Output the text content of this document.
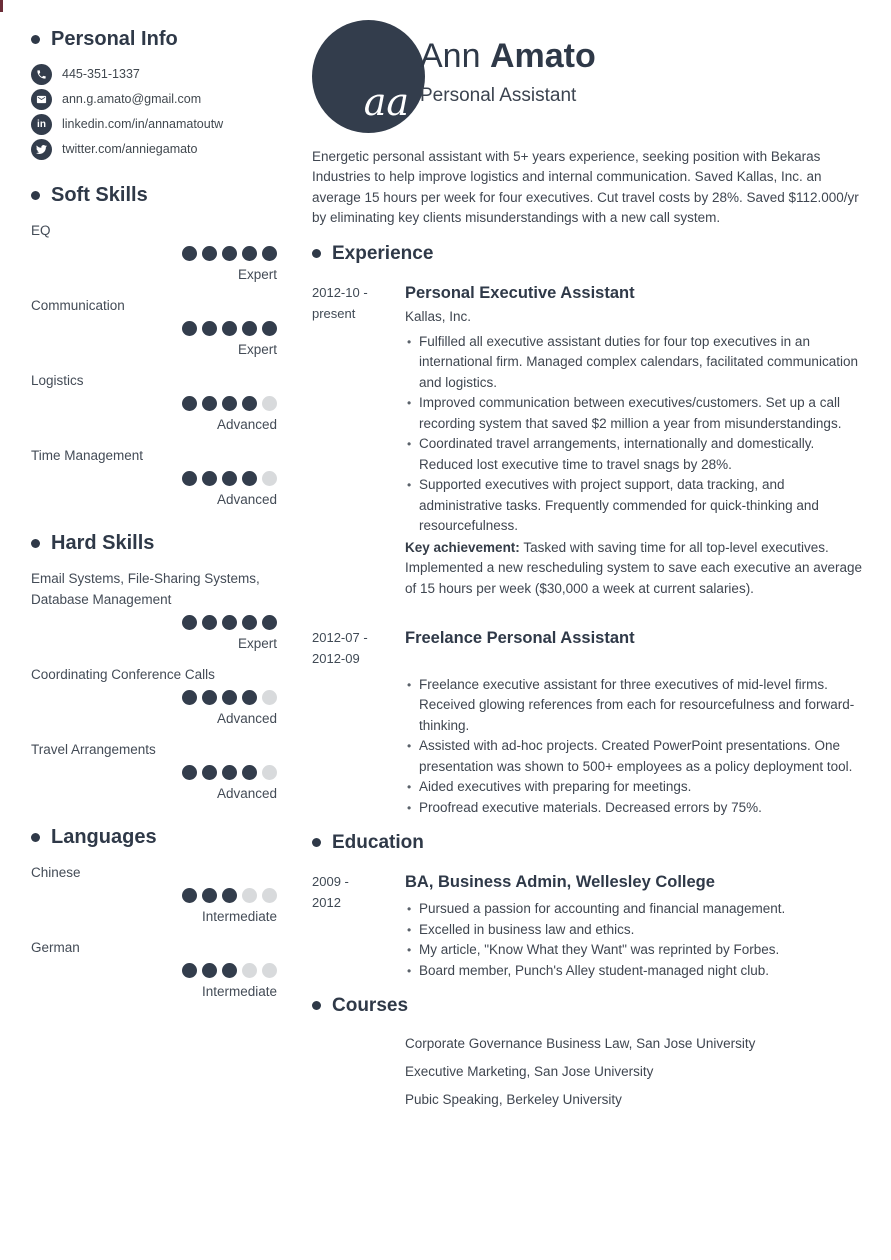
Personal Info
445-351-1337
ann.g.amato@gmail.com
in linkedin.com/in/annamatoutw
twitter.com/anniegamato
Soft Skills
EQ
Expert
Communication
Expert
Logistics
Advanced
Time Management
Advanced
Hard Skills
Email Systems, File-Sharing Systems, Database Management
Expert
Coordinating Conference Calls
Advanced
Travel Arrangements
Advanced
Languages
Chinese
Intermediate
German
Intermediate
aa
Ann Amato
Personal Assistant

Energetic personal assistant with 5+ years experience, seeking position with Bekaras Industries to help improve logistics and internal communication. Saved Kallas, Inc. an average 15 hours per week for four executives. Cut travel costs by 28%. Saved $112.000/yr by eliminating key clients misunderstandings with a new call system.

Experience
2012-10 -
present
Personal Executive Assistant
Kallas, Inc.
• Fulfilled all executive assistant duties for four top executives in an international firm. Managed complex calendars, facilitated communication and logistics.
• Improved communication between executives/customers. Set up a call recording system that saved $2 million a year from misunderstandings.
• Coordinated travel arrangements, internationally and domestically. Reduced lost executive time to travel snags by 28%.
• Supported executives with project support, data tracking, and administrative tasks. Frequently commended for quick-thinking and resourcefulness.

Key achievement: Tasked with saving time for all top-level executives. Implemented a new rescheduling system to save each executive an average of 15 hours per week ($30,000 a week at current salaries).

2012-07 -
2012-09
Freelance Personal Assistant
• Freelance executive assistant for three executives of mid-level firms. Received glowing references from each for resourcefulness and forward-thinking.
• Assisted with ad-hoc projects. Created PowerPoint presentations. One presentation was shown to 500+ employees as a policy deployment tool.
• Aided executives with preparing for meetings.
• Proofread executive materials. Decreased errors by 75%.
Education
2009 -
2012
BA, Business Admin, Wellesley College
• Pursued a passion for accounting and financial management.
• Excelled in business law and ethics.
• My article, "Know What they Want" was reprinted by Forbes.
• Board member, Punch's Alley student-managed night club.
Courses
Corporate Governance Business Law, San Jose University
Executive Marketing, San Jose University
Pubic Speaking, Berkeley University
